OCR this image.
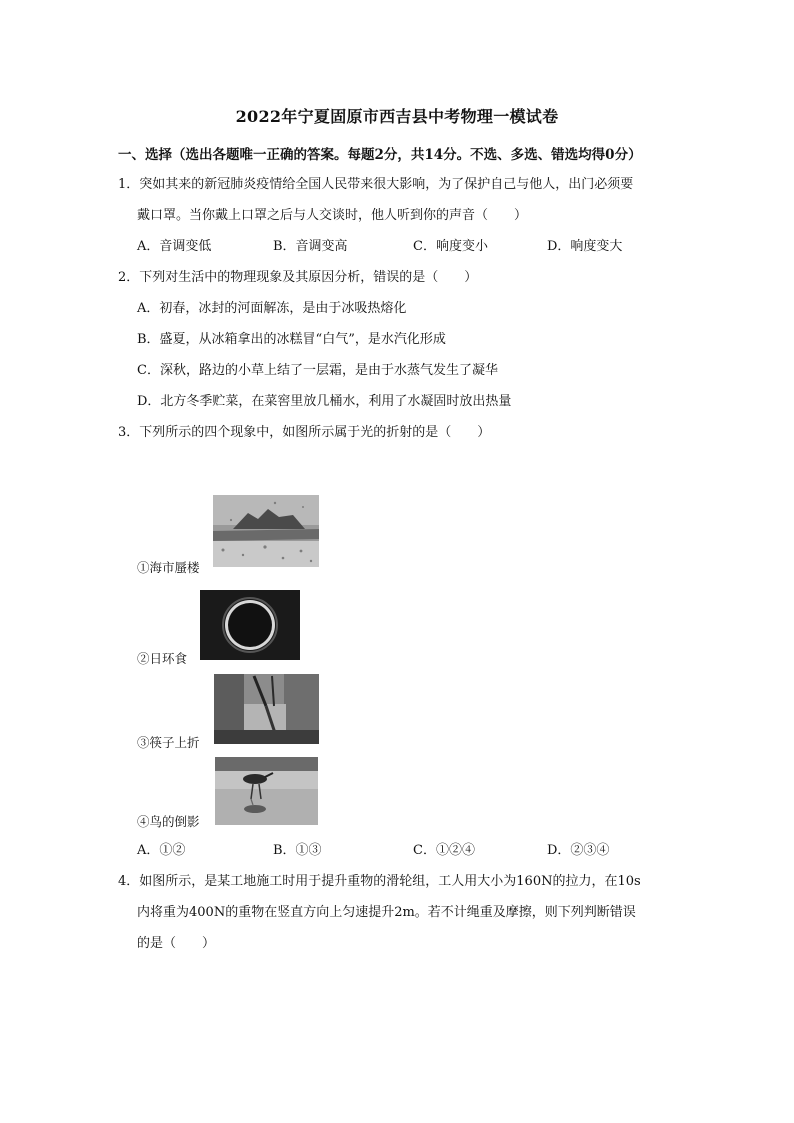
2022年宁夏固原市西吉县中考物理一模试卷
一、选择（选出各题唯一正确的答案。每题2分，共14分。不选、多选、错选均得0分）
1．突如其来的新冠肺炎疫情给全国人民带来很大影响，为了保护自己与他人，出门必须要
戴口罩。当你戴上口罩之后与人交谈时，他人听到你的声音（　　）
A．音调变低	B．音调变高	C．响度变小	D．响度变大
2．下列对生活中的物理现象及其原因分析，错误的是（　　）
A．初春，冰封的河面解冻，是由于冰吸热熔化
B．盛夏，从冰箱拿出的冰糕冒“白气”，是水汽化形成
C．深秋，路边的小草上结了一层霜，是由于水蒸气发生了凝华
D．北方冬季贮菜，在菜窖里放几桶水，利用了水凝固时放出热量
3．下列所示的四个现象中，如图所示属于光的折射的是（　　）
①海市蜃楼
②日环食
③筷子上折
④鸟的倒影
A．①②	B．①③	C．①②④	D．②③④
4．如图所示，是某工地施工时用于提升重物的滑轮组，工人用大小为160N的拉力，在10s
内将重为400N的重物在竖直方向上匀速提升2m。若不计绳重及摩擦，则下列判断错误
的是（　　）
